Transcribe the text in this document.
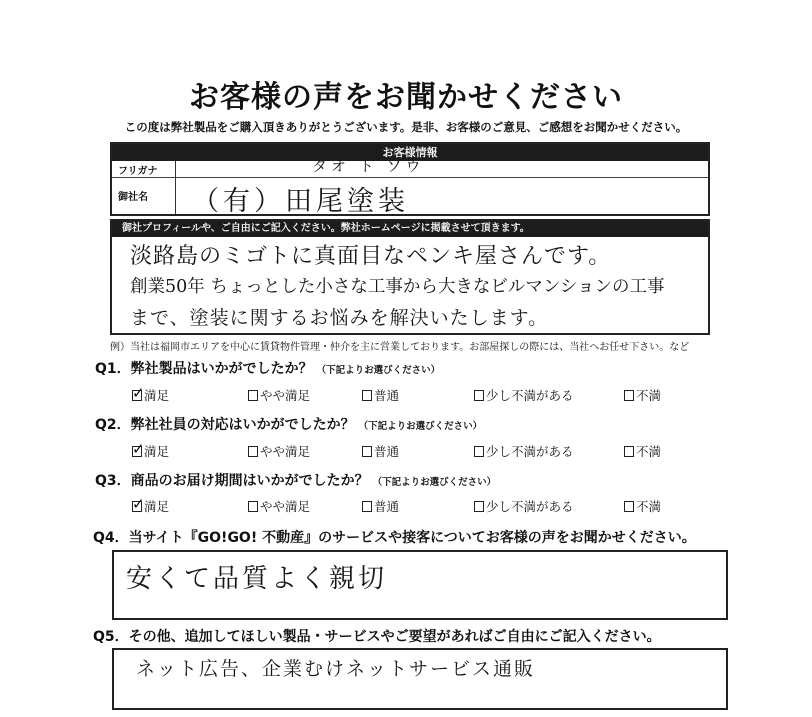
お客様の声をお聞かせください
この度は弊社製品をご購入頂きありがとうございます。是非、お客様のご意見、ご感想をお聞かせください。
お客様情報
フリガナ	タオ ト ソウ
御社名	（有）田尾塗装
御社プロフィールや、ご自由にご記入ください。弊社ホームページに掲載させて頂きます。
淡路島のミゴトに真面目なペンキ屋さんです。
創業50年 ちょっとした小さな工事から大きなビルマンションの工事
まで、塗装に関するお悩みを解決いたします。
例）当社は福岡市エリアを中心に賃貸物件管理・仲介を主に営業しております。お部屋探しの際には、当社へお任せ下さい。など
Q1．弊社製品はいかがでしたか？ （下記よりお選びください）
✓ 満足	やや満足	普通	少し不満がある	不満
Q2．弊社社員の対応はいかがでしたか？ （下記よりお選びください）
✓ 満足	やや満足	普通	少し不満がある	不満
Q3．商品のお届け期間はいかがでしたか？ （下記よりお選びください）
✓ 満足	やや満足	普通	少し不満がある	不満
Q4．当サイト『GO!GO! 不動産』のサービスや接客についてお客様の声をお聞かせください。
安くて品質よく親切
Q5．その他、追加してほしい製品・サービスやご要望があればご自由にご記入ください。
ネット広告、企業むけネットサービス通販
